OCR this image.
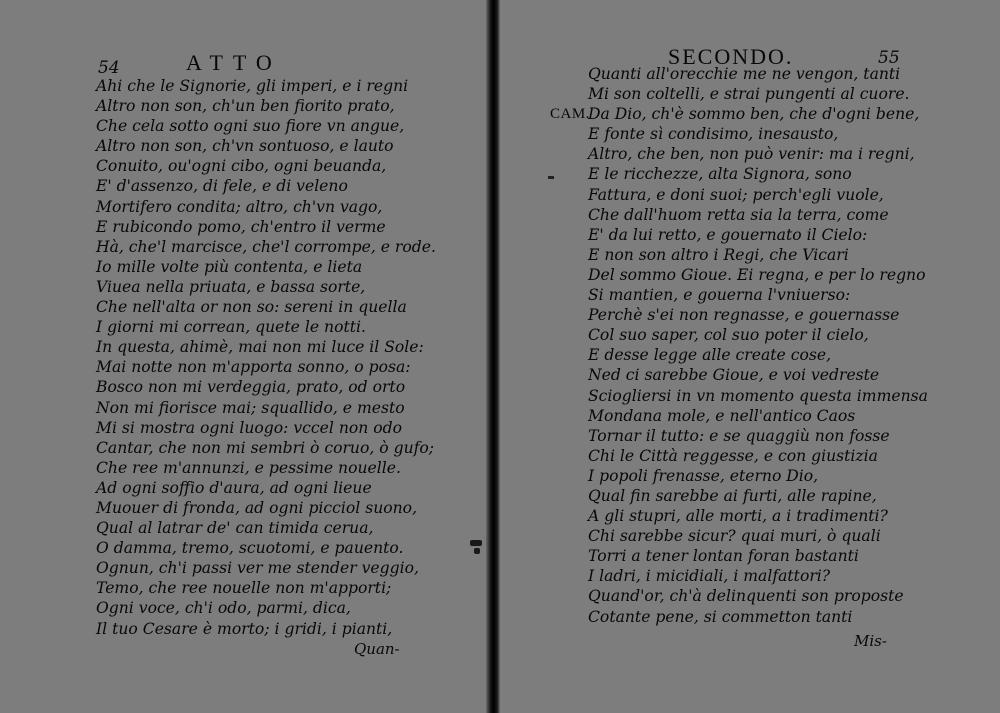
54	ATTO
Ahi che le Signorie, gli imperi, e i regni
Altro non son, ch'un ben fiorito prato,
Che cela sotto ogni suo fiore vn angue,
Altro non son, ch'vn sontuoso, e lauto
Conuito, ou'ogni cibo, ogni beuanda,
E' d'assenzo, di fele, e di veleno
Mortifero condita; altro, ch'vn vago,
E rubicondo pomo, ch'entro il verme
Hà, che'l marcisce, che'l corrompe, e rode.
Io mille volte più contenta, e lieta
Viuea nella priuata, e bassa sorte,
Che nell'alta or non so: sereni in quella
I giorni mi correan, quete le notti.
In questa, ahimè, mai non mi luce il Sole:
Mai notte non m'apporta sonno, o posa:
Bosco non mi verdeggia, prato, od orto
Non mi fiorisce mai; squallido, e mesto
Mi si mostra ogni luogo: vccel non odo
Cantar, che non mi sembri ò coruo, ò gufo;
Che ree m'annunzi, e pessime nouelle.
Ad ogni soffio d'aura, ad ogni lieue
Muouer di fronda, ad ogni picciol suono,
Qual al latrar de' can timida cerua,
O damma, tremo, scuotomi, e pauento.
Ognun, ch'i passi ver me stender veggio,
Temo, che ree nouelle non m'apporti;
Ogni voce, ch'i odo, parmi, dica,
Il tuo Cesare è morto; i gridi, i pianti,
Quan-
SECONDO.	55
CAM.
Quanti all'orecchie me ne vengon, tanti
Mi son coltelli, e strai pungenti al cuore.
Da Dio, ch'è sommo ben, che d'ogni bene,
E fonte sì condisimo, inesausto,
Altro, che ben, non può venir: ma i regni,
E le ricchezze, alta Signora, sono
Fattura, e doni suoi; perch'egli vuole,
Che dall'huom retta sia la terra, come
E' da lui retto, e gouernato il Cielo:
E non son altro i Regi, che Vicari
Del sommo Gioue. Ei regna, e per lo regno
Si mantien, e gouerna l'vniuerso:
Perchè s'ei non regnasse, e gouernasse
Col suo saper, col suo poter il cielo,
E desse legge alle create cose,
Ned ci sarebbe Gioue, e voi vedreste
Sciogliersi in vn momento questa immensa
Mondana mole, e nell'antico Caos
Tornar il tutto: e se quaggiù non fosse
Chi le Città reggesse, e con giustizia
I popoli frenasse, eterno Dio,
Qual fin sarebbe ai furti, alle rapine,
A gli stupri, alle morti, a i tradimenti?
Chi sarebbe sicur? quai muri, ò quali
Torri a tener lontan foran bastanti
I ladri, i micidiali, i malfattori?
Quand'or, ch'à delinquenti son proposte
Cotante pene, si commetton tanti
Mis-
